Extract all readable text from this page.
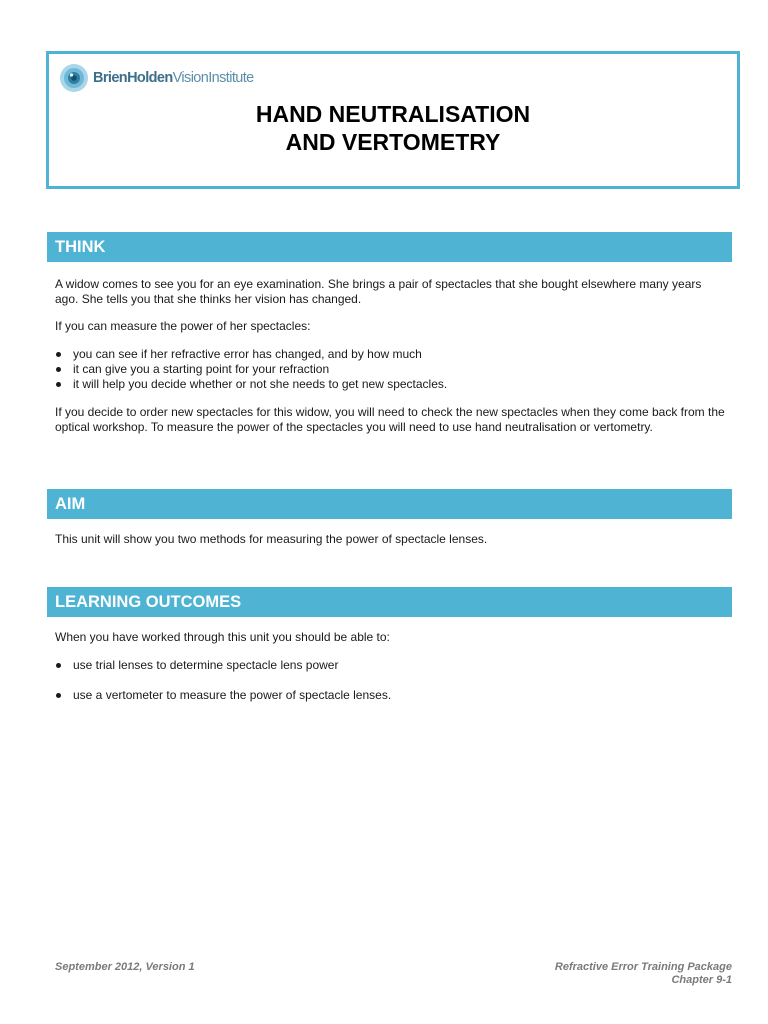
BrienHoldenVisionInstitute
HAND NEUTRALISATION
AND VERTOMETRY
THINK
A widow comes to see you for an eye examination. She brings a pair of spectacles that she bought elsewhere many years ago. She tells you that she thinks her vision has changed.
If you can measure the power of her spectacles:
you can see if her refractive error has changed, and by how much
it can give you a starting point for your refraction
it will help you decide whether or not she needs to get new spectacles.
If you decide to order new spectacles for this widow, you will need to check the new spectacles when they come back from the optical workshop. To measure the power of the spectacles you will need to use hand neutralisation or vertometry.
AIM
This unit will show you two methods for measuring the power of spectacle lenses.
LEARNING OUTCOMES
When you have worked through this unit you should be able to:
use trial lenses to determine spectacle lens power
use a vertometer to measure the power of spectacle lenses.
September 2012, Version 1	Refractive Error Training Package
Chapter 9-1
